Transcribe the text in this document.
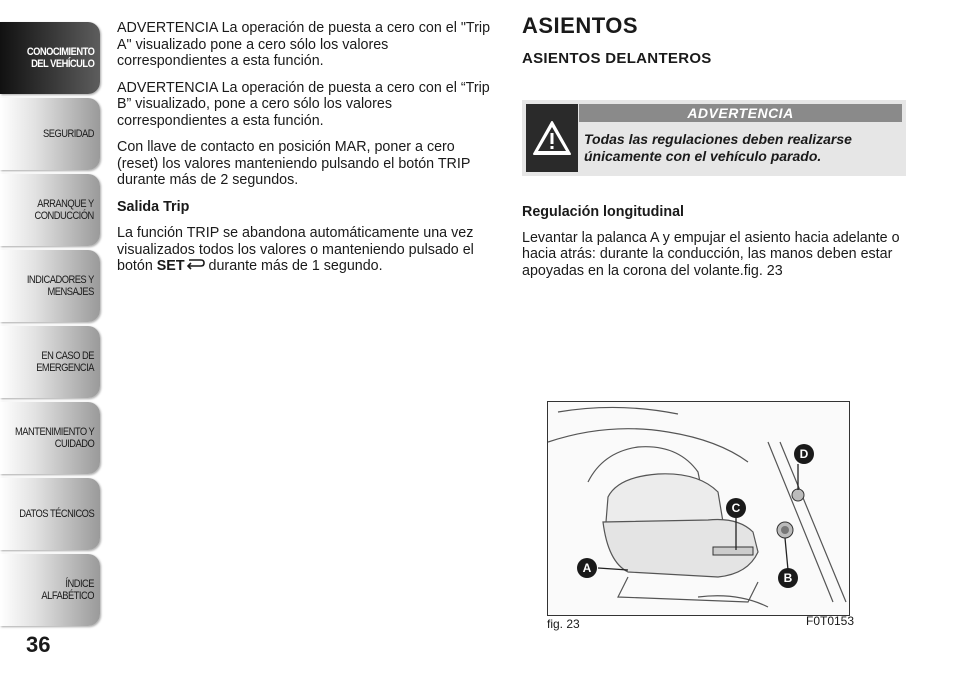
CONOCIMIENTO
DEL VEHÍCULO
SEGURIDAD
ARRANQUE Y
CONDUCCIÓN
INDICADORES Y
MENSAJES
EN CASO DE
EMERGENCIA
MANTENIMIENTO Y
CUIDADO
DATOS TÉCNICOS
ÍNDICE ALFABÉTICO
36

ADVERTENCIA La operación de puesta a cero con el "Trip A" visualizado pone a cero sólo los valores correspondientes a esta función.

ADVERTENCIA La operación de puesta a cero con el “Trip B” visualizado, pone a cero sólo los valores correspondientes a esta función.

Con llave de contacto en posición MAR, poner a cero (reset) los valores manteniendo pulsando el botón TRIP durante más de 2 segundos.

Salida Trip

La función TRIP se abandona automáticamente una vez visualizados todos los valores o manteniendo pulsado el botón SET durante más de 1 segundo.

ASIENTOS

ASIENTOS DELANTEROS

ADVERTENCIA
Todas las regulaciones deben realizarse únicamente con el vehículo parado.

Regulación longitudinal

Levantar la palanca A y empujar el asiento hacia adelante o hacia atrás: durante la conducción, las manos deben estar apoyadas en la corona del volante.fig. 23

A
B
C
D
fig. 23	F0T0153
